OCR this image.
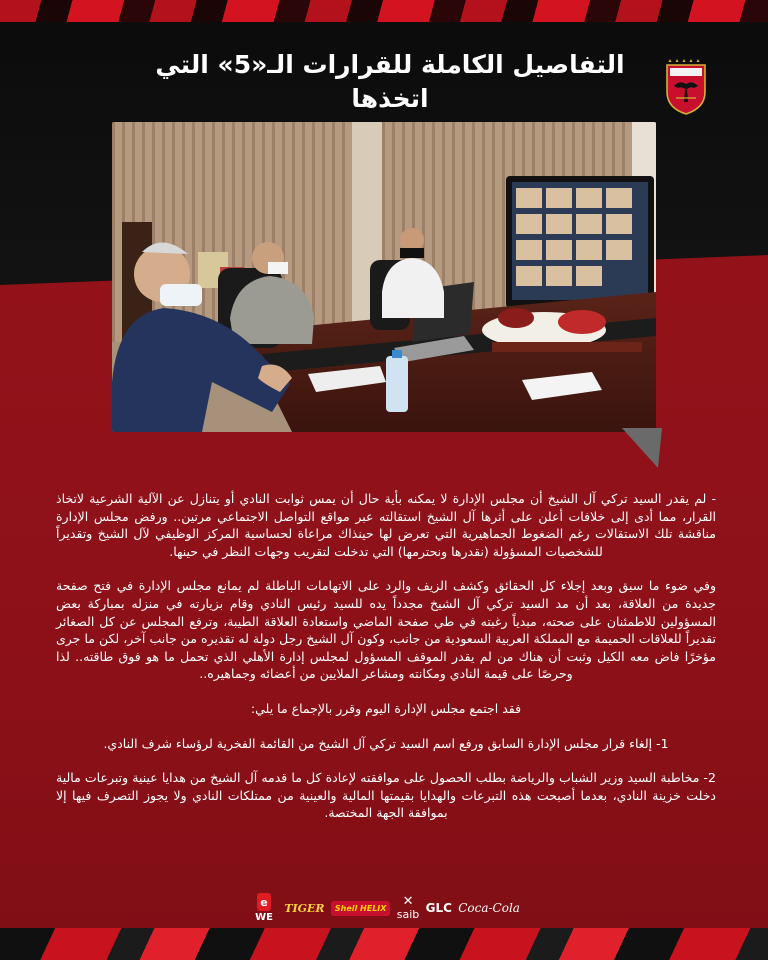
التفاصيل الكاملة للقرارات الـ«5» التي اتخذها

- لم يقدر السيد تركي آل الشيخ أن مجلس الإدارة لا يمكنه بأية حال أن يمس ثوابت النادي أو يتنازل عن الآلية الشرعية لاتخاذ القرار، مما أدى إلى خلافات أعلن على أثرها آل الشيخ استقالته عبر مواقع التواصل الاجتماعي مرتين.. ورفض مجلس الإدارة مناقشة تلك الاستقالات رغم الضغوط الجماهيرية التي تعرض لها حينذاك مراعاة لحساسية المركز الوظيفي لآل الشيخ وتقديراً للشخصيات المسؤولة (نقدرها ونحترمها) التي تدخلت لتقريب وجهات النظر في حينها.

وفي ضوء ما سبق وبعد إجلاء كل الحقائق وكشف الزيف والرد على الاتهامات الباطلة لم يمانع مجلس الإدارة في فتح صفحة جديدة من العلاقة، بعد أن مد السيد تركي آل الشيخ مجدداً يده للسيد رئيس النادي وقام بزيارته في منزله بمباركة بعض المسؤولين للاطمئنان على صحته، مبدياً رغبته في طي صفحة الماضي واستعادة العلاقة الطيبة، وترفع المجلس عن كل الصغائر تقديراً للعلاقات الحميمة مع المملكة العربية السعودية من جانب، وكون آل الشيخ رجل دولة له تقديره من جانب آخر، لكن ما جرى مؤخرًا فاض معه الكيل وثبت أن هناك من لم يقدر الموقف المسؤول لمجلس إدارة الأهلي الذي تحمل ما هو فوق طاقته.. لذا وحرصًا على قيمة النادي ومكانته ومشاعر الملايين من أعضائه وجماهيره..

فقد اجتمع مجلس الإدارة اليوم وقرر بالإجماع ما يلي:

1- إلغاء قرار مجلس الإدارة السابق ورفع اسم السيد تركي آل الشيخ من القائمة الفخرية لرؤساء شرف النادي.

2- مخاطبة السيد وزير الشباب والرياضة بطلب الحصول على موافقته لإعادة كل ما قدمه آل الشيخ من هدايا عينية وتبرعات مالية دخلت خزينة النادي، بعدما أصبحت هذه التبرعات والهدايا بقيمتها المالية والعينية من ممتلكات النادي ولا يجوز التصرف فيها إلا بموافقة الجهة المختصة.

e
WE
TIGER	Shell HELIX	✕
saib GLC Coca-Cola
